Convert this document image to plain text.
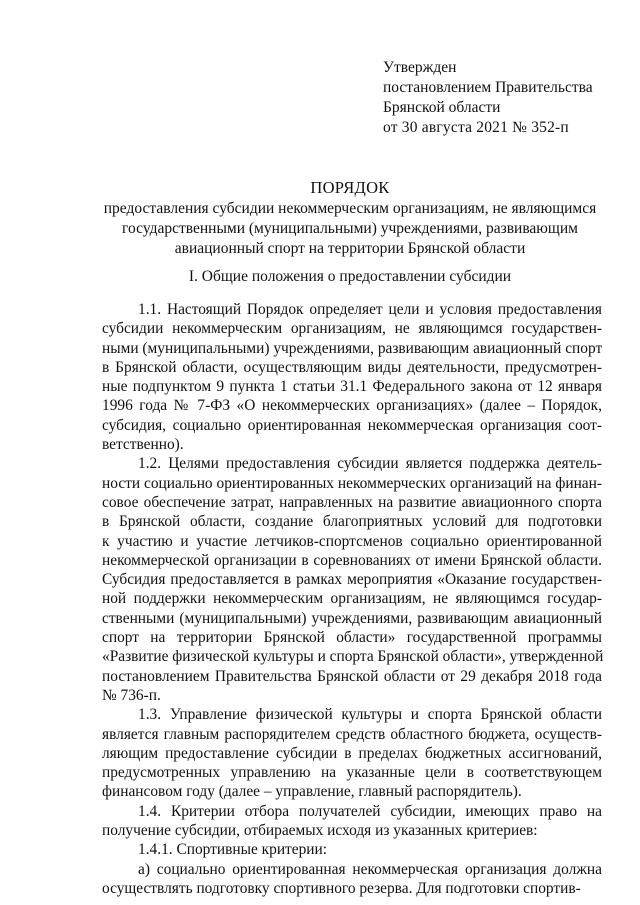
Утвержден
постановлением Правительства
Брянской области
от 30 августа 2021 № 352-п
ПОРЯДОК
предоставления субсидии некоммерческим организациям, не являющимся
государственными (муниципальными) учреждениями, развивающим
авиационный спорт на территории Брянской области
I. Общие положения о предоставлении субсидии
1.1. Настоящий Порядок определяет цели и условия предоставления
субсидии некоммерческим организациям, не являющимся государствен-
ными (муниципальными) учреждениями, развивающим авиационный спорт
в Брянской области, осуществляющим виды деятельности, предусмотрен-
ные подпунктом 9 пункта 1 статьи 31.1 Федерального закона от 12 января
1996 года № 7-ФЗ «О некоммерческих организациях» (далее – Порядок,
субсидия, социально ориентированная некоммерческая организация соот-
ветственно).
1.2. Целями предоставления субсидии является поддержка деятель-
ности социально ориентированных некоммерческих организаций на финан-
совое обеспечение затрат, направленных на развитие авиационного спорта
в Брянской области, создание благоприятных условий для подготовки
к участию и участие летчиков-спортсменов социально ориентированной
некоммерческой организации в соревнованиях от имени Брянской области.
Субсидия предоставляется в рамках мероприятия «Оказание государствен-
ной поддержки некоммерческим организациям, не являющимся государ-
ственными (муниципальными) учреждениями, развивающим авиационный
спорт на территории Брянской области» государственной программы
«Развитие физической культуры и спорта Брянской области», утвержденной
постановлением Правительства Брянской области от 29 декабря 2018 года
№ 736-п.
1.3. Управление физической культуры и спорта Брянской области
является главным распорядителем средств областного бюджета, осуществ-
ляющим предоставление субсидии в пределах бюджетных ассигнований,
предусмотренных управлению на указанные цели в соответствующем
финансовом году (далее – управление, главный распорядитель).
1.4. Критерии отбора получателей субсидии, имеющих право на
получение субсидии, отбираемых исходя из указанных критериев:
1.4.1. Спортивные критерии:
а) социально ориентированная некоммерческая организация должна
осуществлять подготовку спортивного резерва. Для подготовки спортив-
